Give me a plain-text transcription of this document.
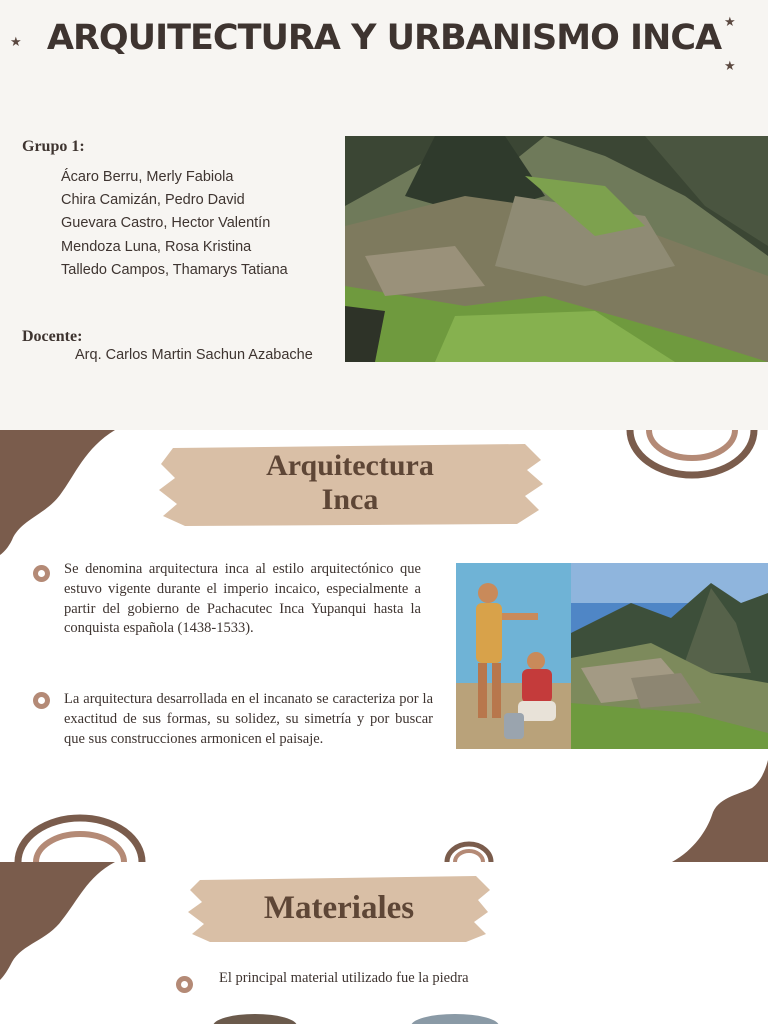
★
★
★
ARQUITECTURA Y URBANISMO INCA
Grupo 1:
Ácaro Berru, Merly Fabiola
Chira Camizán, Pedro David
Guevara Castro, Hector Valentín
Mendoza Luna, Rosa Kristina
Talledo Campos, Thamarys Tatiana
Docente:
Arq. Carlos Martin Sachun Azabache
Arquitectura
Inca
Se denomina arquitectura inca al estilo arquitectónico que estuvo vigente durante el imperio incaico, especialmente a partir del gobierno de Pachacutec Inca Yupanqui hasta la conquista española (1438-1533).
La arquitectura desarrollada en el incanato se caracteriza por la exactitud de sus formas, su solidez, su simetría y por buscar que sus construcciones armonicen el paisaje.
Materiales
El principal material utilizado fue la piedra
